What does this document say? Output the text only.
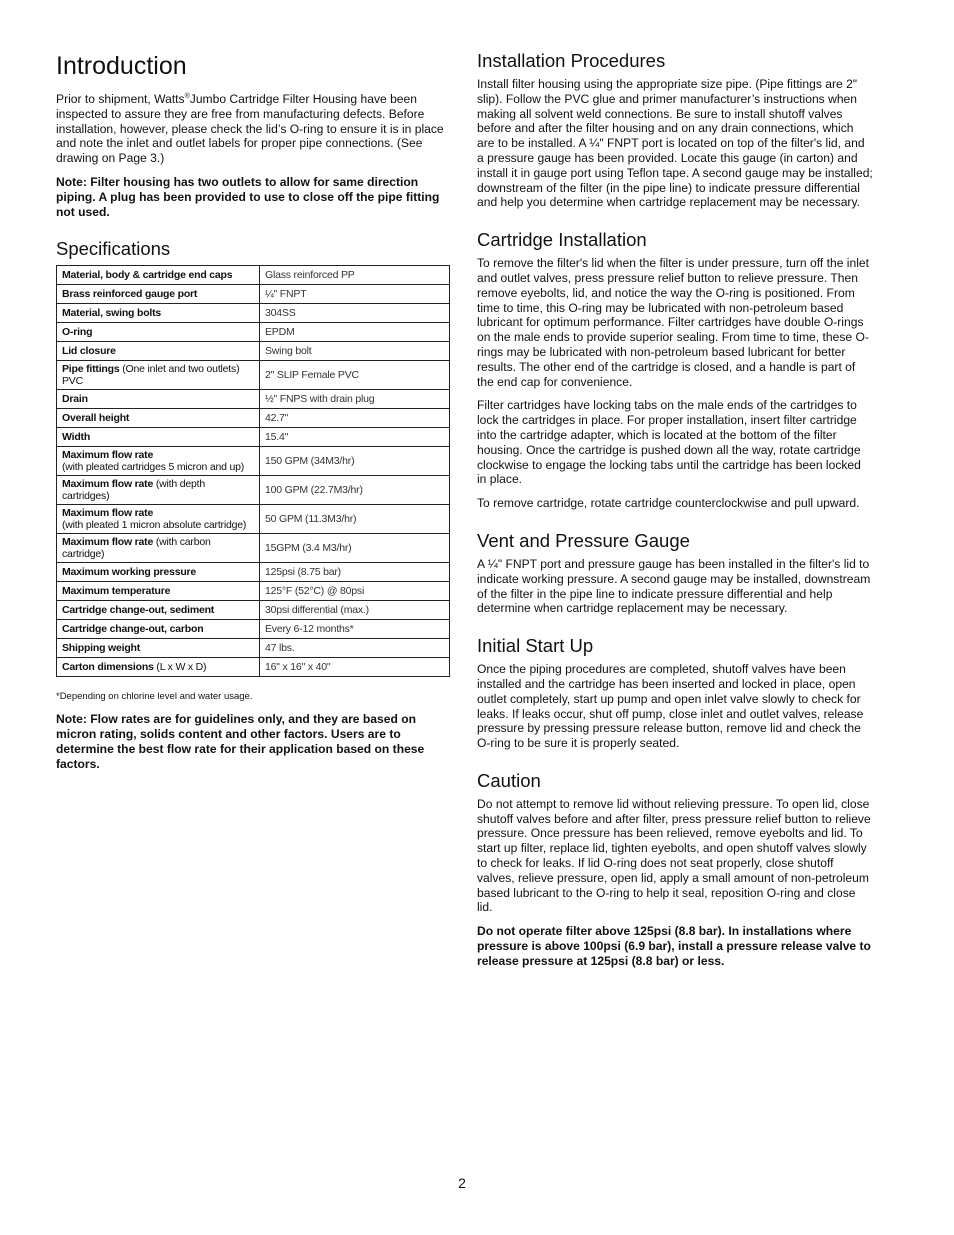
Introduction

Prior to shipment, Watts®Jumbo Cartridge Filter Housing have been inspected to assure they are free from manufacturing defects. Before installation, however, please check the lid’s O-ring to ensure it is in place and note the inlet and outlet labels for proper pipe connections. (See drawing on Page 3.)

Note: Filter housing has two outlets to allow for same direction piping. A plug has been provided to use to close off the pipe fitting not used.

Specifications
Material, body & cartridge end caps	Glass reinforced PP
Brass reinforced gauge port	¼" FNPT
Material, swing bolts	304SS
O-ring	EPDM
Lid closure	Swing bolt
Pipe fittings (One inlet and two outlets) PVC	2" SLIP Female PVC
Drain	½" FNPS with drain plug
Overall height	42.7"
Width	15.4"
Maximum flow rate
(with pleated cartridges 5 micron and up)	150 GPM (34M3/hr)
Maximum flow rate (with depth cartridges)	100 GPM (22.7M3/hr)
Maximum flow rate
(with pleated 1 micron absolute cartridge)	50 GPM (11.3M3/hr)
Maximum flow rate (with carbon cartridge)	15GPM (3.4 M3/hr)
Maximum working pressure	125psi (8.75 bar)
Maximum temperature	125°F (52°C) @ 80psi
Cartridge change-out, sediment	30psi differential (max.)
Cartridge change-out, carbon	Every 6-12 months*
Shipping weight	47 lbs.
Carton dimensions (L x W x D)	16" x 16" x 40"

*Depending on chlorine level and water usage.

Note: Flow rates are for guidelines only, and they are based on micron rating, solids content and other factors. Users are to determine the best flow rate for their application based on these factors.

Installation Procedures

Install filter housing using the appropriate size pipe. (Pipe fittings are 2" slip). Follow the PVC glue and primer manufacturer’s instructions when making all solvent weld connections. Be sure to install shutoff valves before and after the filter housing and on any drain connections, which are to be installed. A ¼" FNPT port is located on top of the filter's lid, and a pressure gauge has been provided. Locate this gauge (in carton) and install it in gauge port using Teflon tape. A second gauge may be installed; downstream of the filter (in the pipe line) to indicate pressure differential and help you determine when cartridge replacement may be necessary.

Cartridge Installation

To remove the filter's lid when the filter is under pressure, turn off the inlet and outlet valves, press pressure relief button to relieve pressure. Then remove eyebolts, lid, and notice the way the O-ring is positioned. From time to time, this O-ring may be lubricated with non-petroleum based lubricant for optimum performance. Filter cartridges have double O-rings on the male ends to provide superior sealing. From time to time, these O-rings may be lubricated with non-petroleum based lubricant for better results. The other end of the cartridge is closed, and a handle is part of the end cap for convenience.

Filter cartridges have locking tabs on the male ends of the cartridges to lock the cartridges in place. For proper installation, insert filter cartridge into the cartridge adapter, which is located at the bottom of the filter housing. Once the cartridge is pushed down all the way, rotate cartridge clockwise to engage the locking tabs until the cartridge has been locked in place.

To remove cartridge, rotate cartridge counterclockwise and pull upward.

Vent and Pressure Gauge

A ¼" FNPT port and pressure gauge has been installed in the filter's lid to indicate working pressure. A second gauge may be installed, downstream of the filter in the pipe line to indicate pressure differential and help determine when cartridge replacement may be necessary.

Initial Start Up

Once the piping procedures are completed, shutoff valves have been installed and the cartridge has been inserted and locked in place, open outlet completely, start up pump and open inlet valve slowly to check for leaks. If leaks occur, shut off pump, close inlet and outlet valves, release pressure by pressing pressure release button, remove lid and check the O-ring to be sure it is properly seated.

Caution

Do not attempt to remove lid without relieving pressure. To open lid, close shutoff valves before and after filter, press pressure relief button to relieve pressure. Once pressure has been relieved, remove eyebolts and lid. To start up filter, replace lid, tighten eyebolts, and open shutoff valves slowly to check for leaks. If lid O-ring does not seat properly, close shutoff valves, relieve pressure, open lid, apply a small amount of non-petroleum based lubricant to the O-ring to help it seal, reposition O-ring and close lid.

Do not operate filter above 125psi (8.8 bar). In installations where pressure is above 100psi (6.9 bar), install a pressure release valve to release pressure at 125psi (8.8 bar) or less.

2
